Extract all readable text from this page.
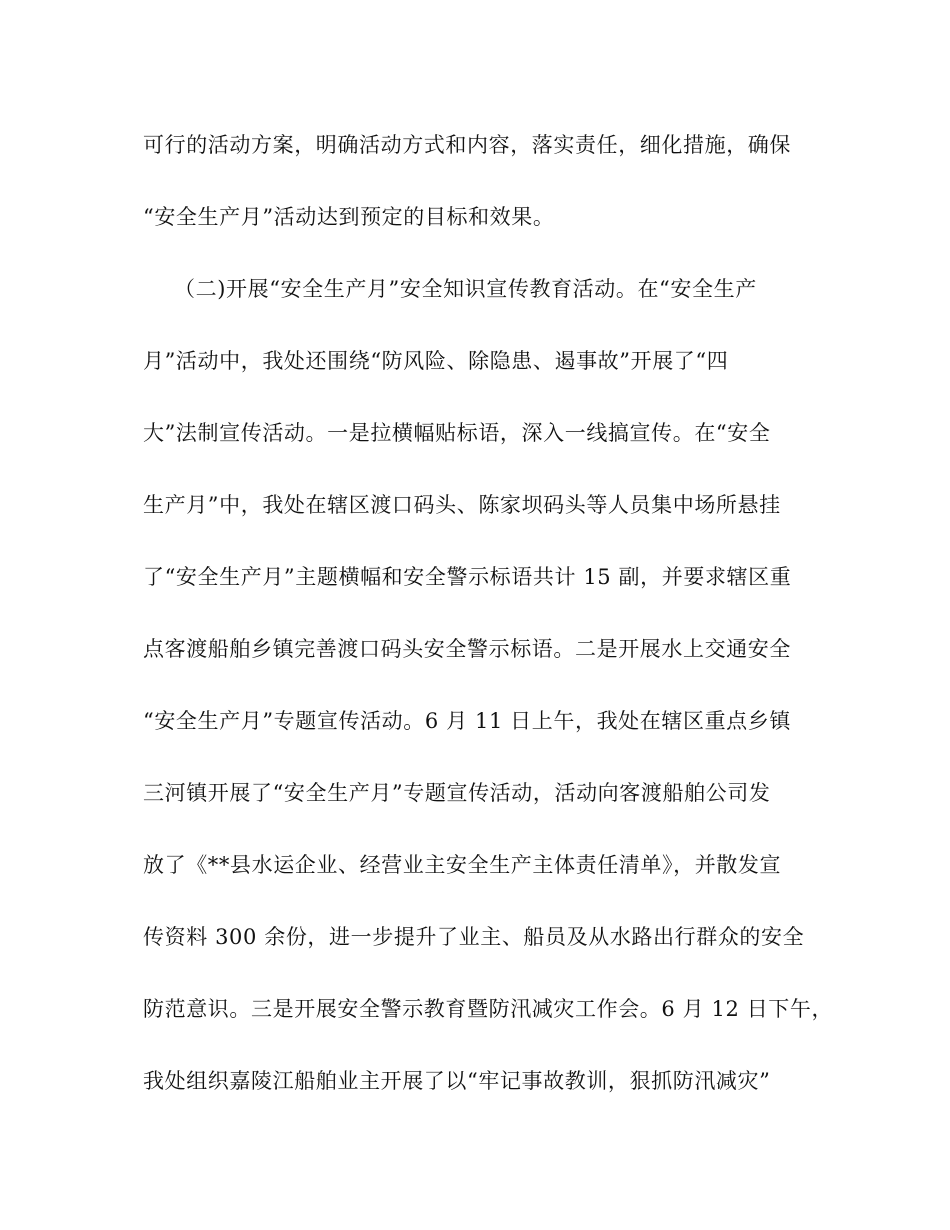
可行的活动方案，明确活动方式和内容，落实责任，细化措施，确保
“安全生产月”活动达到预定的目标和效果。
（二)开展“安全生产月”安全知识宣传教育活动。在“安全生产
月”活动中，我处还围绕“防风险、除隐患、遏事故”开展了“四
大”法制宣传活动。一是拉横幅贴标语，深入一线搞宣传。在“安全
生产月”中，我处在辖区渡口码头、陈家坝码头等人员集中场所悬挂
了“安全生产月”主题横幅和安全警示标语共计 15 副，并要求辖区重
点客渡船舶乡镇完善渡口码头安全警示标语。二是开展水上交通安全
“安全生产月”专题宣传活动。6 月 11 日上午，我处在辖区重点乡镇
三河镇开展了“安全生产月”专题宣传活动，活动向客渡船舶公司发
放了《**县水运企业、经营业主安全生产主体责任清单》，并散发宣
传资料 300 余份，进一步提升了业主、船员及从水路出行群众的安全
防范意识。三是开展安全警示教育暨防汛减灾工作会。6 月 12 日下午，
我处组织嘉陵江船舶业主开展了以“牢记事故教训，狠抓防汛减灾”
